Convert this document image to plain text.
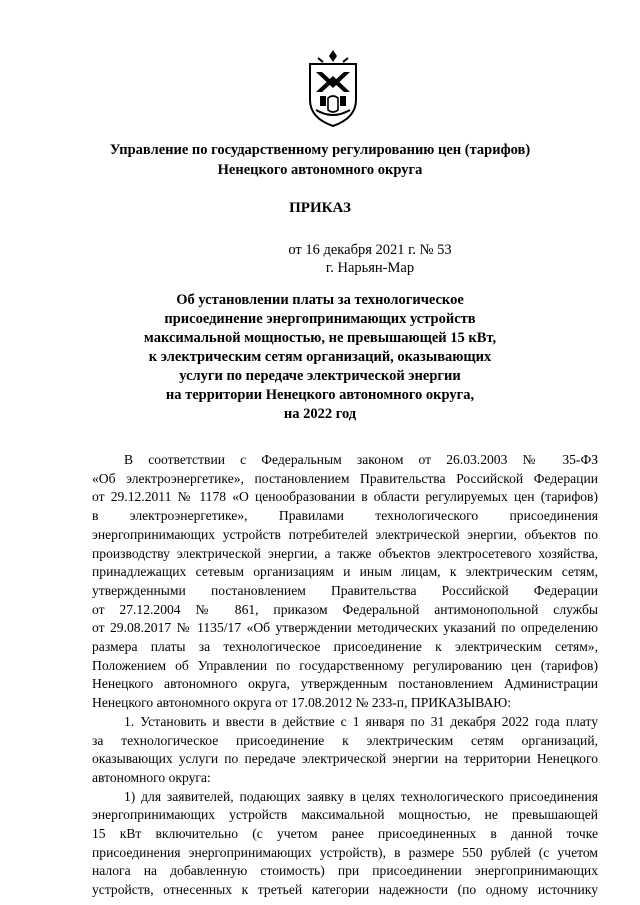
Управление по государственному регулированию цен (тарифов)
Ненецкого автономного округа
ПРИКАЗ
от 16 декабря 2021 г. № 53
г. Нарьян-Мар
Об установлении платы за технологическое
присоединение энергопринимающих устройств
максимальной мощностью, не превышающей 15 кВт,
к электрическим сетям организаций, оказывающих
услуги по передаче электрической энергии
на территории Ненецкого автономного округа,
на 2022 год
В соответствии с Федеральным законом от 26.03.2003 № 35-ФЗ
«Об электроэнергетике», постановлением Правительства Российской Федерации
от 29.12.2011 № 1178 «О ценообразовании в области регулируемых цен (тарифов)
в электроэнергетике», Правилами технологического присоединения
энергопринимающих устройств потребителей электрической энергии, объектов по
производству электрической энергии, а также объектов электросетевого хозяйства,
принадлежащих сетевым организациям и иным лицам, к электрическим сетям,
утвержденными постановлением Правительства Российской Федерации
от 27.12.2004 № 861, приказом Федеральной антимонопольной службы
от 29.08.2017 № 1135/17 «Об утверждении методических указаний по определению
размера платы за технологическое присоединение к электрическим сетям»,
Положением об Управлении по государственному регулированию цен (тарифов)
Ненецкого автономного округа, утвержденным постановлением Администрации
Ненецкого автономного округа от 17.08.2012 № 233-п, ПРИКАЗЫВАЮ:
1. Установить и ввести в действие с 1 января по 31 декабря 2022 года плату
за технологическое присоединение к электрическим сетям организаций,
оказывающих услуги по передаче электрической энергии на территории Ненецкого
автономного округа:
1) для заявителей, подающих заявку в целях технологического присоединения
энергопринимающих устройств максимальной мощностью, не превышающей
15 кВт включительно (с учетом ранее присоединенных в данной точке
присоединения энергопринимающих устройств), в размере 550 рублей (с учетом
налога на добавленную стоимость) при присоединении энергопринимающих
устройств, отнесенных к третьей категории надежности (по одному источнику
